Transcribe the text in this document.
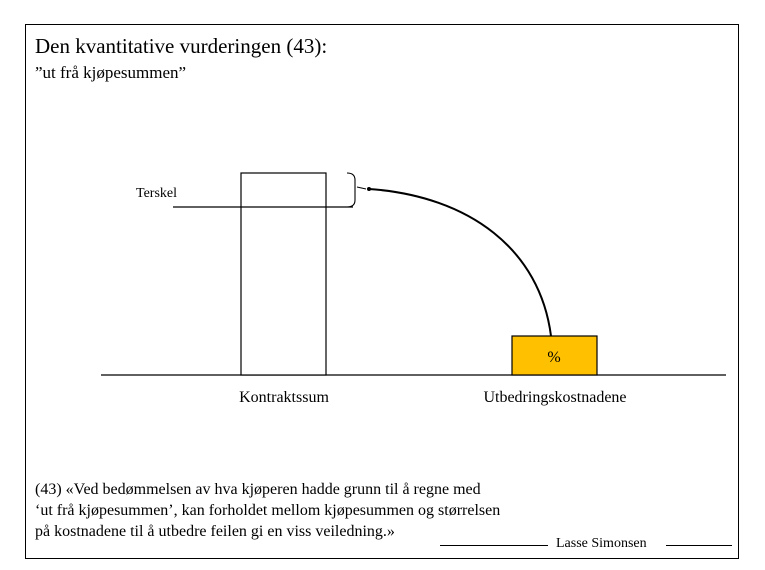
Den kvantitative vurderingen (43):
”ut frå kjøpesummen”
%
Terskel
Kontraktssum	Utbedringskostnadene
(43) «Ved bedømmelsen av hva kjøperen hadde grunn til å regne med
‘ut frå kjøpesummen’, kan forholdet mellom kjøpesummen og størrelsen
på kostnadene til å utbedre feilen gi en viss veiledning.»
Lasse Simonsen
